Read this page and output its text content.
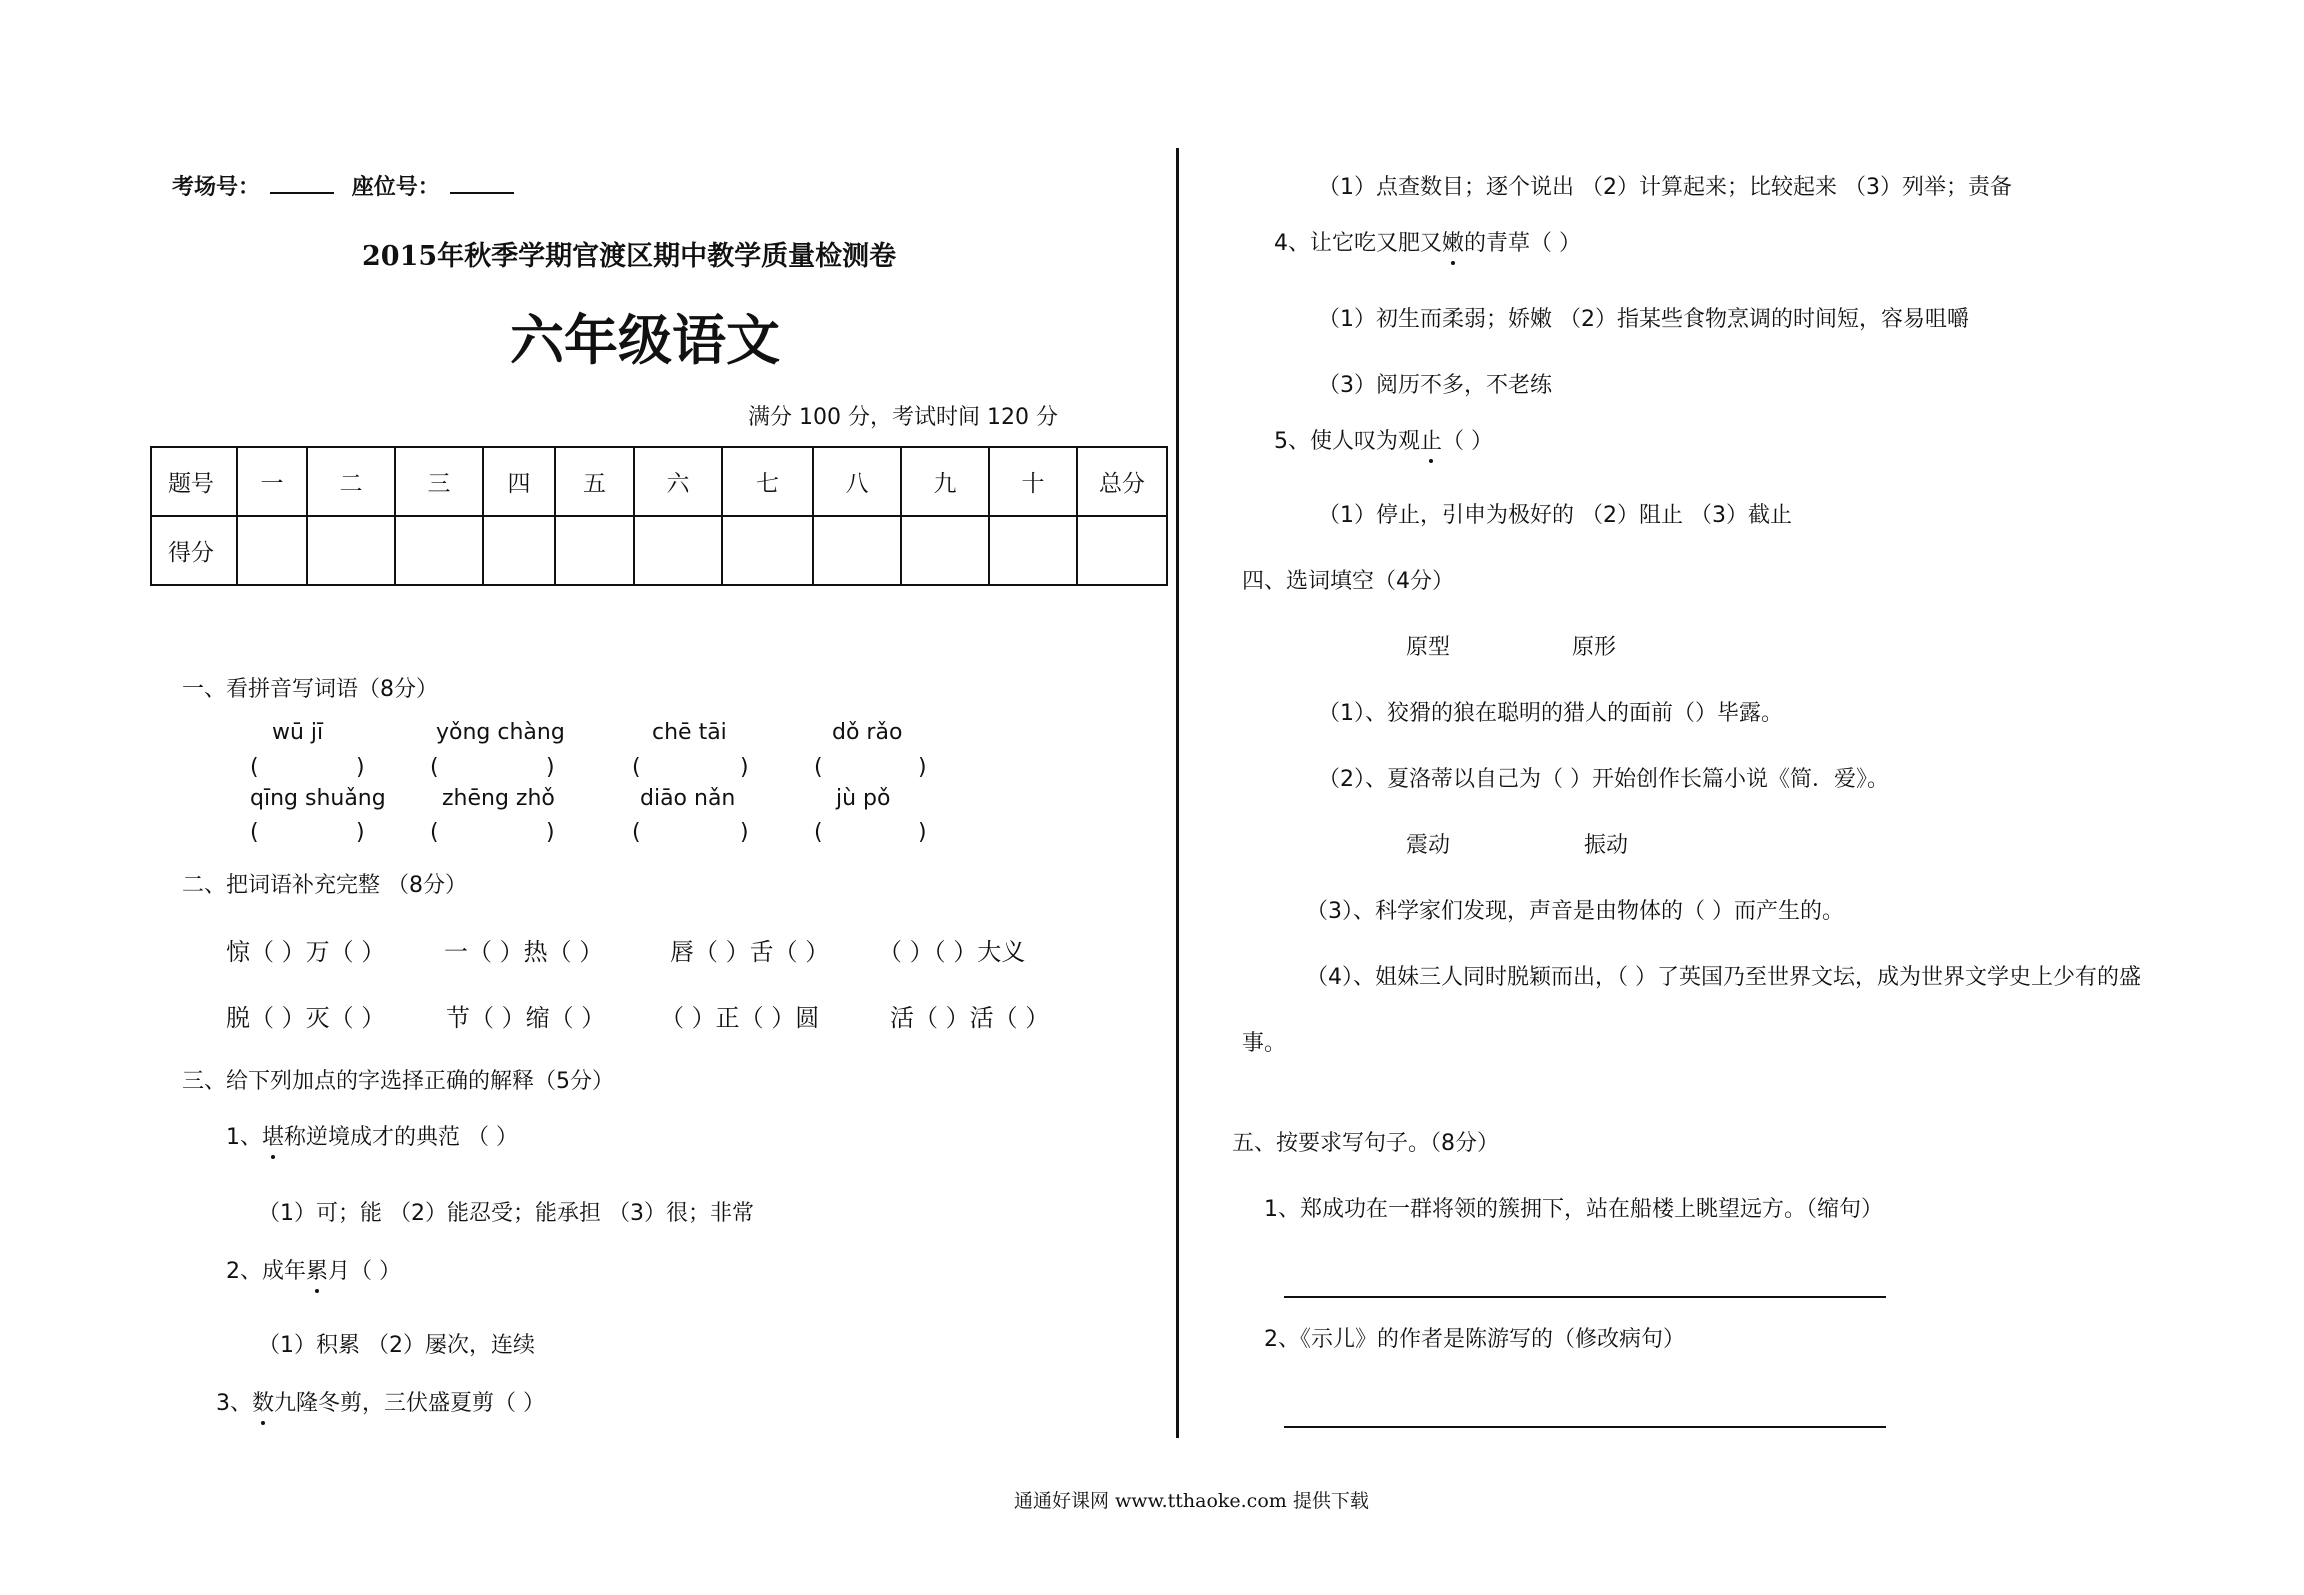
考场号：	座位号：
2015年秋季学期官渡区期中教学质量检测卷
六年级语文
满分 100 分，考试时间 120 分
题号	一	二	三	四	五	六	七	八	九	十	总分
得分											
一、看拼音写词语（8分）
wū jī	yǒng chàng	chē tāi	dǒ rǎo
(	)	(	)	(	)	(	)
qīng shuǎng	zhēng zhǒ	diāo nǎn	jù pǒ
(	)	(	)	(	)	(	)
二、把词语补充完整 （8分）
惊（ ）万（ ） 一（ ）热（ ）	唇（ ）舌（ ） （ ）（ ）大义
脱（ ）灭（ ）	节（ ）缩（ ） （ ）正（ ）圆	活（ ）活（ ）
三、给下列加点的字选择正确的解释（5分）
1、堪称逆境成才的典范 （ ）
（1）可；能 （2）能忍受；能承担 （3）很；非常
2、成年累月（ ）
（1）积累 （2）屡次，连续
3、数九隆冬剪，三伏盛夏剪（ ）
（1）点查数目；逐个说出 （2）计算起来；比较起来 （3）列举；责备
4、让它吃又肥又嫩的青草（ ）
（1）初生而柔弱；娇嫩 （2）指某些食物烹调的时间短，容易咀嚼
（3）阅历不多，不老练
5、使人叹为观止（ ）
（1）停止，引申为极好的 （2）阻止 （3）截止
四、选词填空（4分）
原型	原形
（1）、狡猾的狼在聪明的猎人的面前（）毕露。
（2）、夏洛蒂以自己为（ ）开始创作长篇小说《简．爱》。
震动	振动
（3）、科学家们发现，声音是由物体的（ ）而产生的。
（4）、姐妹三人同时脱颖而出，（ ）了英国乃至世界文坛，成为世界文学史上少有的盛
事。
五、按要求写句子。（8分）
1、郑成功在一群将领的簇拥下，站在船楼上眺望远方。（缩句）
2、《示儿》的作者是陈游写的（修改病句）
通通好课网 www.tthaoke.com 提供下载
